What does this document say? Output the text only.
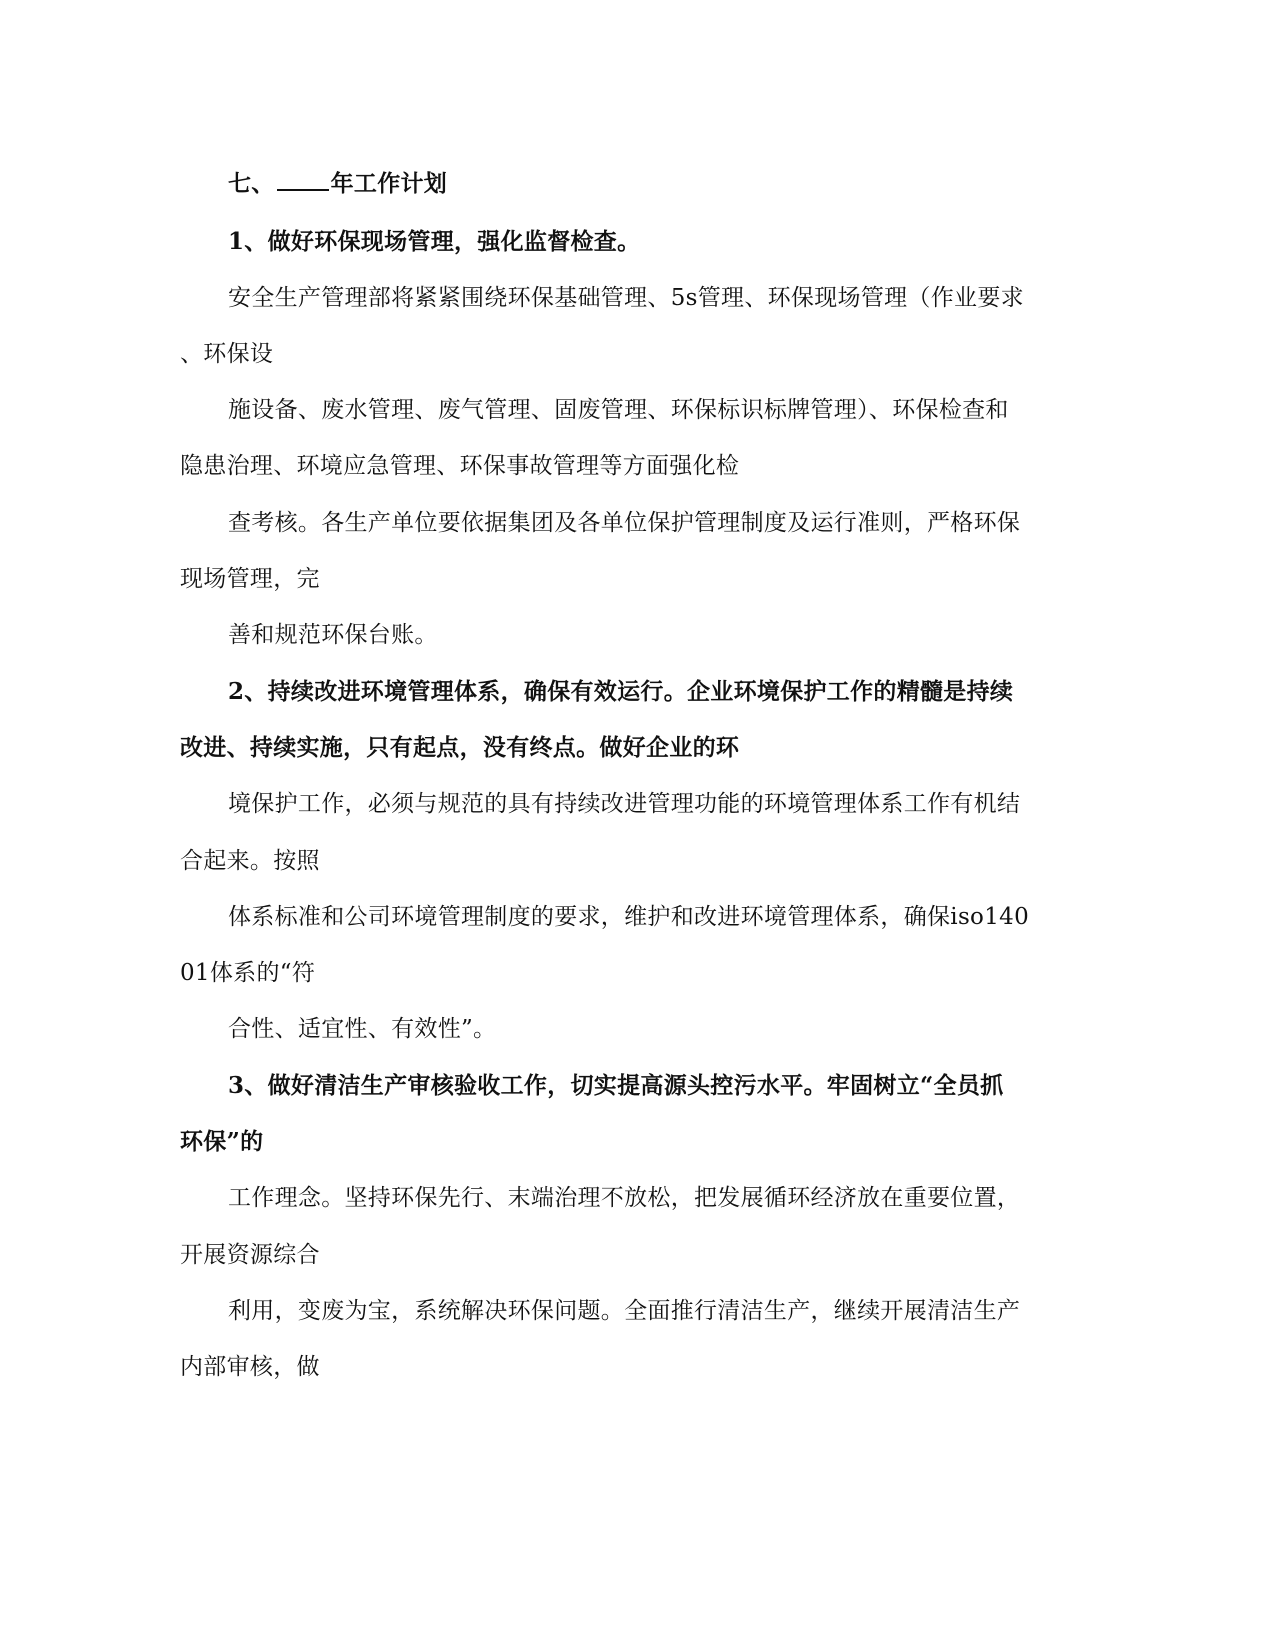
七、 年工作计划
1、做好环保现场管理，强化监督检查。
安全生产管理部将紧紧围绕环保基础管理、5s管理、环保现场管理（作业要求
、环保设
施设备、废水管理、废气管理、固废管理、环保标识标牌管理）、环保检查和
隐患治理、环境应急管理、环保事故管理等方面强化检
查考核。各生产单位要依据集团及各单位保护管理制度及运行准则，严格环保
现场管理，完
善和规范环保台账。
2、持续改进环境管理体系，确保有效运行。企业环境保护工作的精髓是持续
改进、持续实施，只有起点，没有终点。做好企业的环
境保护工作，必须与规范的具有持续改进管理功能的环境管理体系工作有机结
合起来。按照
体系标准和公司环境管理制度的要求，维护和改进环境管理体系，确保iso140
01体系的“符
合性、适宜性、有效性”。
3、做好清洁生产审核验收工作，切实提高源头控污水平。牢固树立“全员抓
环保”的
工作理念。坚持环保先行、末端治理不放松，把发展循环经济放在重要位置，
开展资源综合
利用，变废为宝，系统解决环保问题。全面推行清洁生产，继续开展清洁生产
内部审核，做
